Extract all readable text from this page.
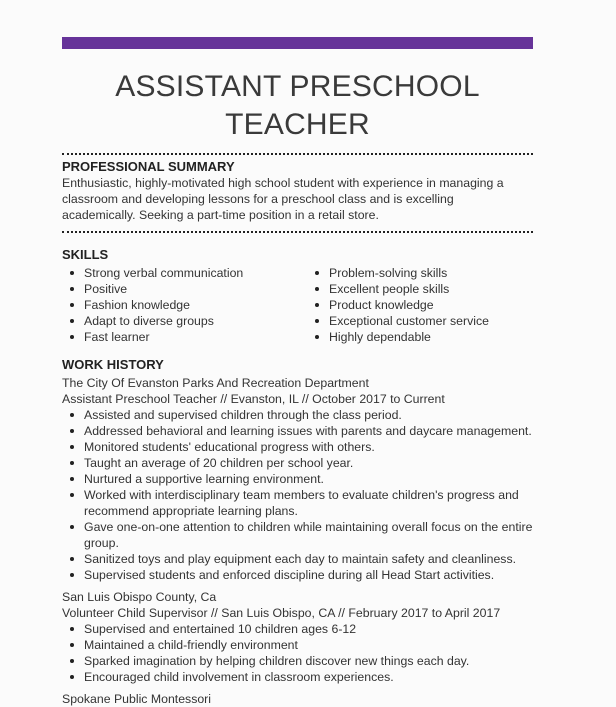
ASSISTANT PRESCHOOL
TEACHER
PROFESSIONAL SUMMARY

Enthusiastic, highly-motivated high school student with experience in managing a

classroom and developing lessons for a preschool class and is excelling

academically. Seeking a part-time position in a retail store.

SKILLS
Strong verbal communication
Positive
Fashion knowledge
Adapt to diverse groups
Fast learner
Problem-solving skills
Excellent people skills
Product knowledge
Exceptional customer service
Highly dependable
WORK HISTORY
The City Of Evanston Parks And Recreation Department
Assistant Preschool Teacher // Evanston, IL // October 2017 to Current
Assisted and supervised children through the class period.
Addressed behavioral and learning issues with parents and daycare management.
Monitored students' educational progress with others.
Taught an average of 20 children per school year.
Nurtured a supportive learning environment.
Worked with interdisciplinary team members to evaluate children's progress and recommend appropriate learning plans.
Gave one-on-one attention to children while maintaining overall focus on the entire group.
Sanitized toys and play equipment each day to maintain safety and cleanliness.
Supervised students and enforced discipline during all Head Start activities.
San Luis Obispo County, Ca
Volunteer Child Supervisor // San Luis Obispo, CA // February 2017 to April 2017
Supervised and entertained 10 children ages 6-12
Maintained a child-friendly environment
Sparked imagination by helping children discover new things each day.
Encouraged child involvement in classroom experiences.
Spokane Public Montessori
